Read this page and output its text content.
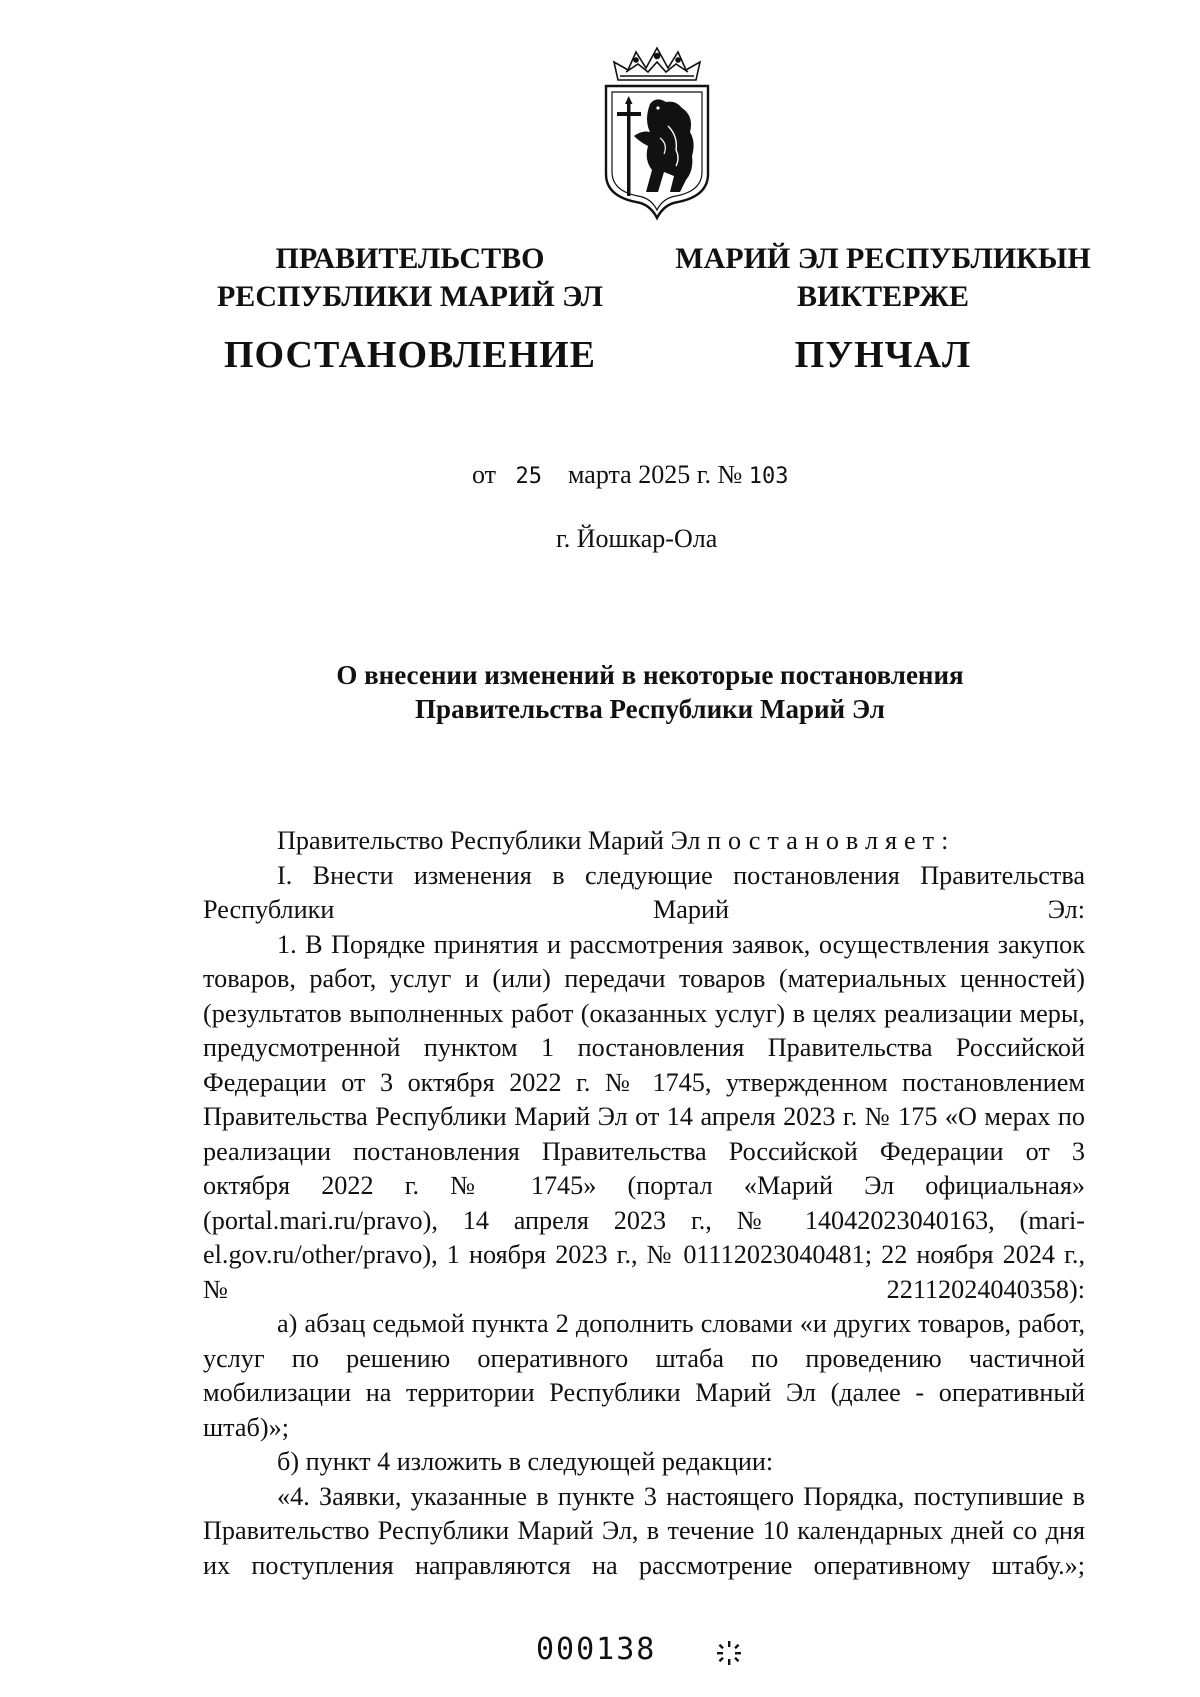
ПРАВИТЕЛЬСТВО
РЕСПУБЛИКИ МАРИЙ ЭЛ
ПОСТАНОВЛЕНИЕ
МАРИЙ ЭЛ РЕСПУБЛИКЫН
ВИКТЕРЖЕ
ПУНЧАЛ
от 25 марта 2025 г. № 103
г. Йошкар-Ола
О внесении изменений в некоторые постановления
Правительства Республики Марий Эл

Правительство Республики Марий Эл постановляет:

I. Внести изменения в следующие постановления Правительства Республики Марий Эл:

1. В Порядке принятия и рассмотрения заявок, осуществления закупок товаров, работ, услуг и (или) передачи товаров (материальных ценностей) (результатов выполненных работ (оказанных услуг) в целях реализации меры, предусмотренной пунктом 1 постановления Правительства Российской Федерации от 3 октября 2022 г. № 1745, утвержденном постановлением Правительства Республики Марий Эл от 14 апреля 2023 г. № 175 «О мерах по реализации постановления Правительства Российской Федерации от 3 октября 2022 г. № 1745» (портал «Марий Эл официальная» (portal.mari.ru/pravo), 14 апреля 2023 г., № 14042023040163, (mari-el.gov.ru/other/pravo), 1 ноября 2023 г., № 01112023040481; 22 ноября 2024 г., № 22112024040358):

а) абзац седьмой пункта 2 дополнить словами «и других товаров, работ, услуг по решению оперативного штаба по проведению частичной мобилизации на территории Республики Марий Эл (далее - оперативный штаб)»;

б) пункт 4 изложить в следующей редакции:

«4. Заявки, указанные в пункте 3 настоящего Порядка, поступившие в Правительство Республики Марий Эл, в течение 10 календарных дней со дня их поступления направляются на рассмотрение оперативному штабу.»;

000138
